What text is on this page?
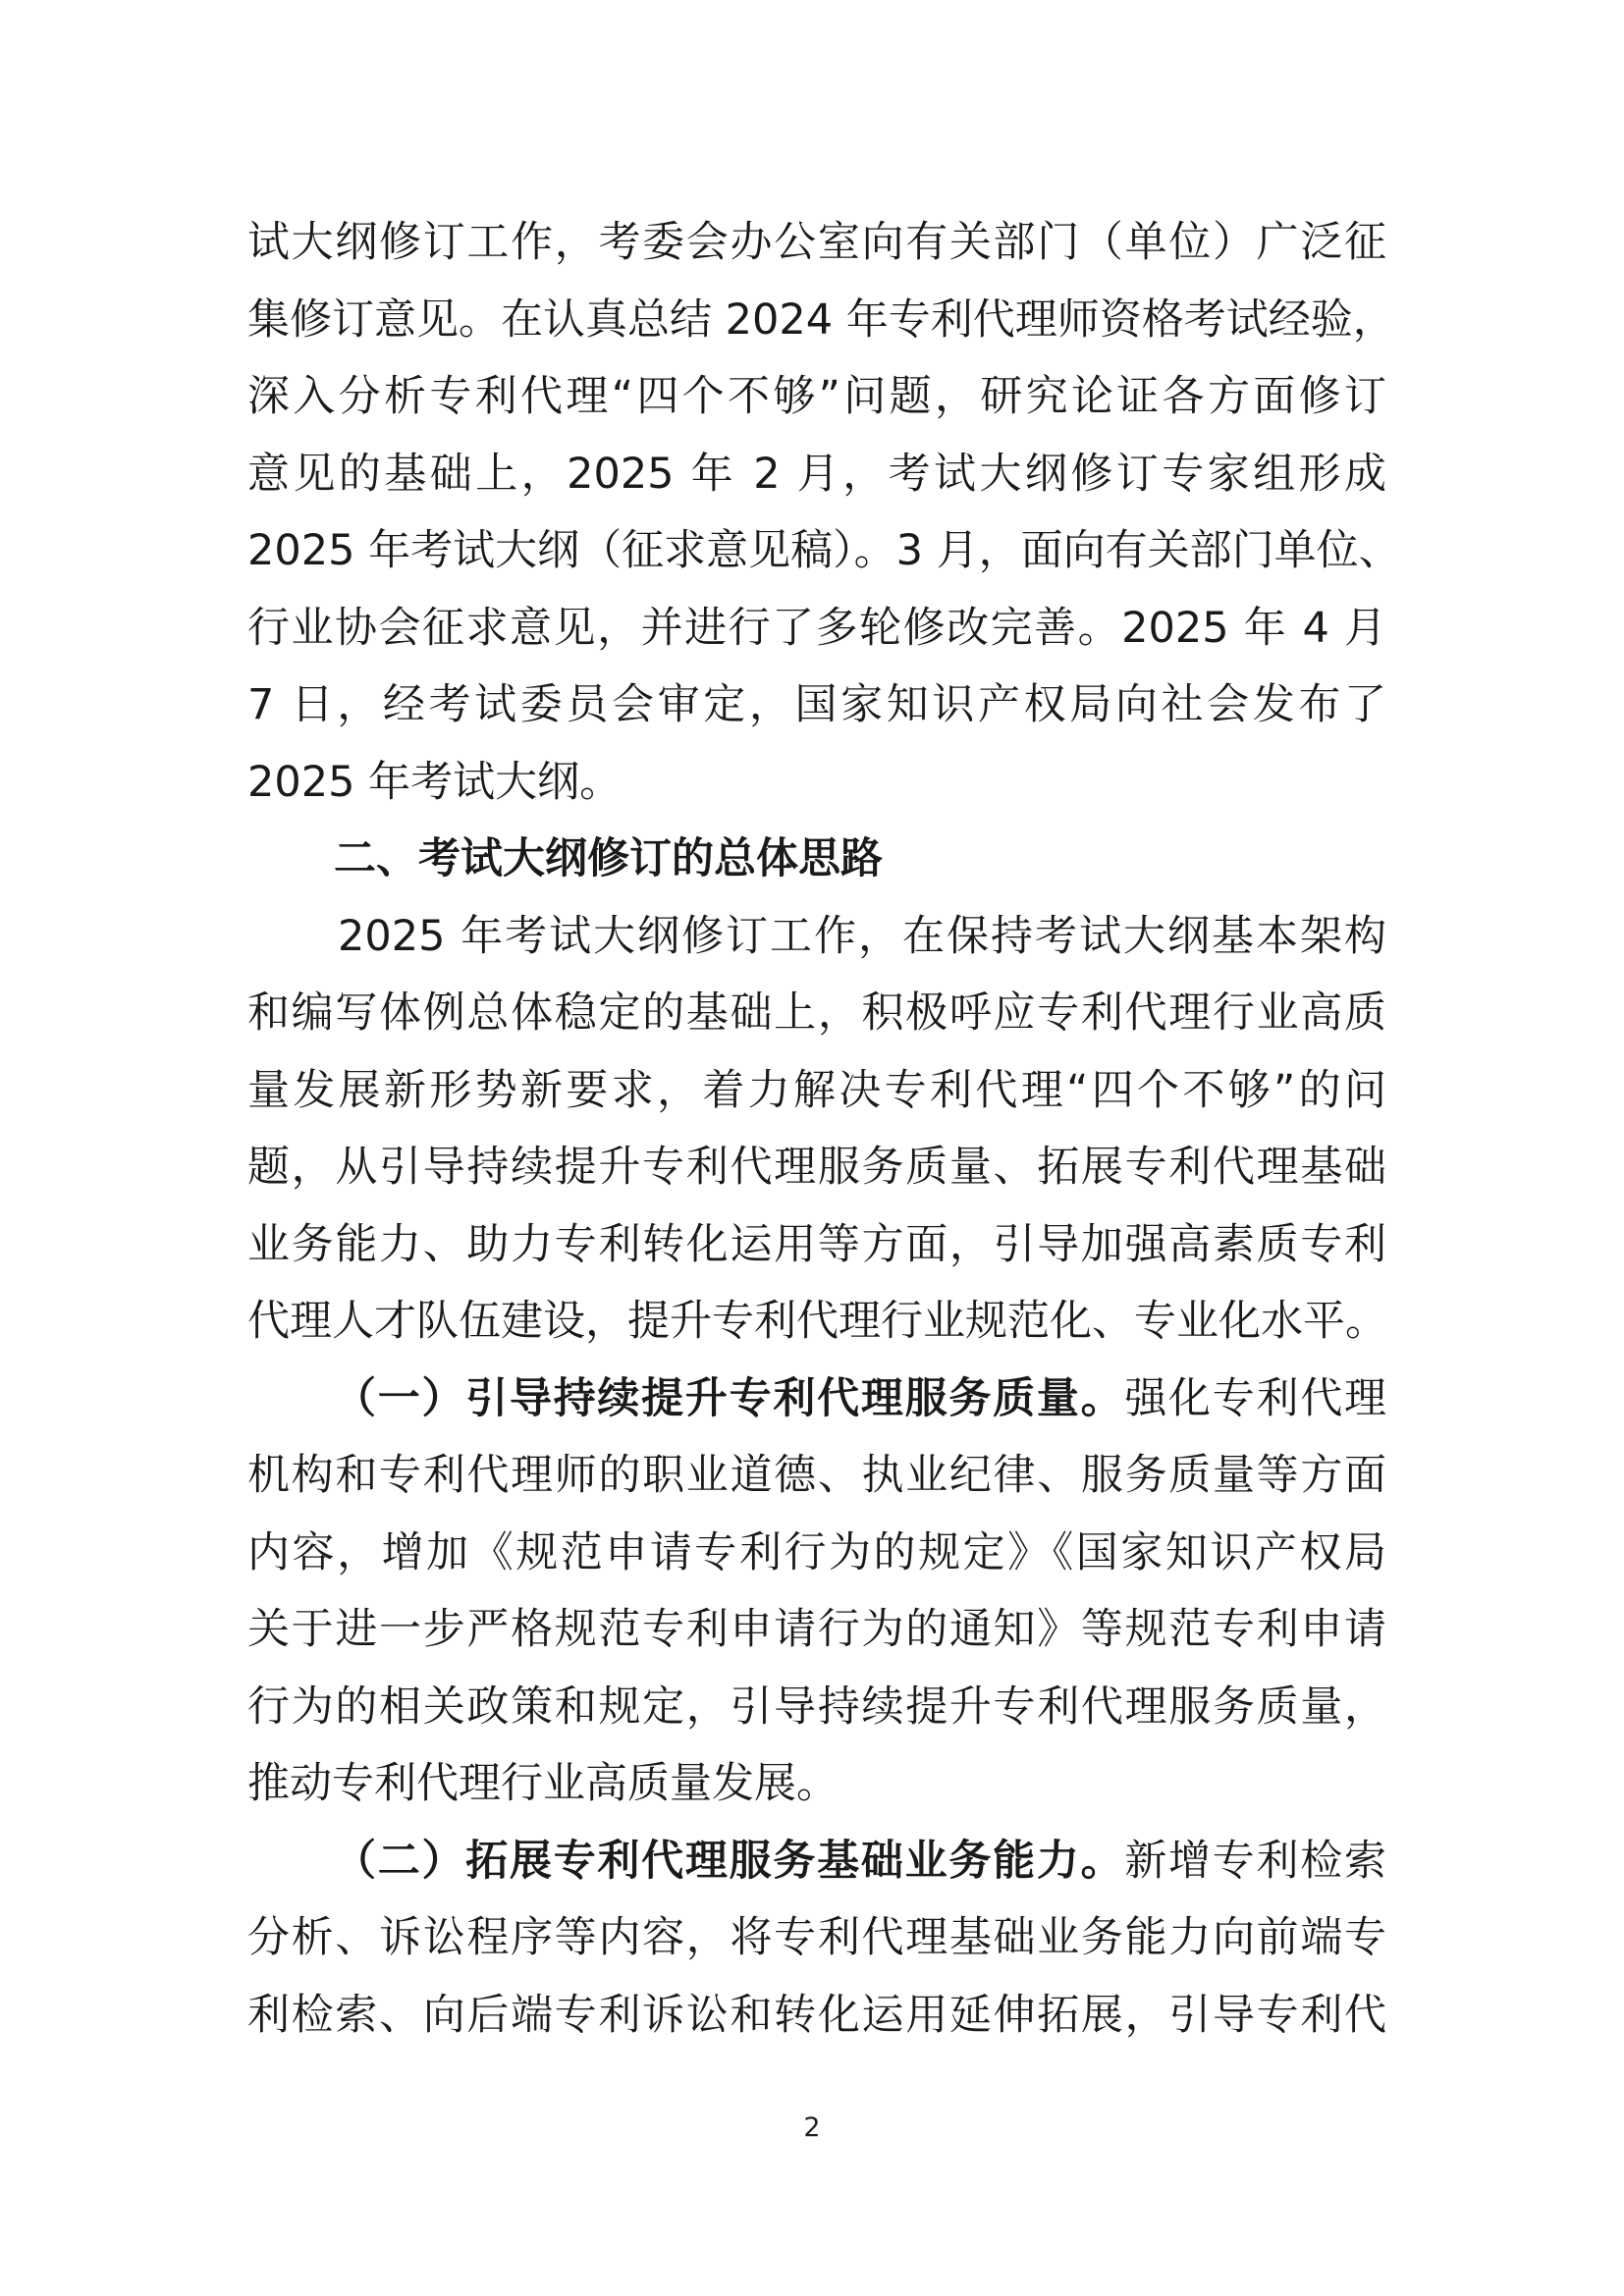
试大纲修订工作，考委会办公室向有关部门（单位）广泛征
集修订意见。在认真总结 2024 年专利代理师资格考试经验，
深入分析专利代理“四个不够”问题，研究论证各方面修订
意见的基础上，2025 年 2 月，考试大纲修订专家组形成
2025 年考试大纲（征求意见稿）。3 月，面向有关部门单位、
行业协会征求意见，并进行了多轮修改完善。2025 年 4 月
7 日，经考试委员会审定，国家知识产权局向社会发布了
2025 年考试大纲。
二、考试大纲修订的总体思路
2025 年考试大纲修订工作，在保持考试大纲基本架构
和编写体例总体稳定的基础上，积极呼应专利代理行业高质
量发展新形势新要求，着力解决专利代理“四个不够”的问
题，从引导持续提升专利代理服务质量、拓展专利代理基础
业务能力、助力专利转化运用等方面，引导加强高素质专利
代理人才队伍建设，提升专利代理行业规范化、专业化水平。
（一）引导持续提升专利代理服务质量。强化专利代理
机构和专利代理师的职业道德、执业纪律、服务质量等方面
内容，增加《规范申请专利行为的规定》《国家知识产权局
关于进一步严格规范专利申请行为的通知》等规范专利申请
行为的相关政策和规定，引导持续提升专利代理服务质量，
推动专利代理行业高质量发展。
（二）拓展专利代理服务基础业务能力。新增专利检索
分析、诉讼程序等内容，将专利代理基础业务能力向前端专
利检索、向后端专利诉讼和转化运用延伸拓展，引导专利代
2
